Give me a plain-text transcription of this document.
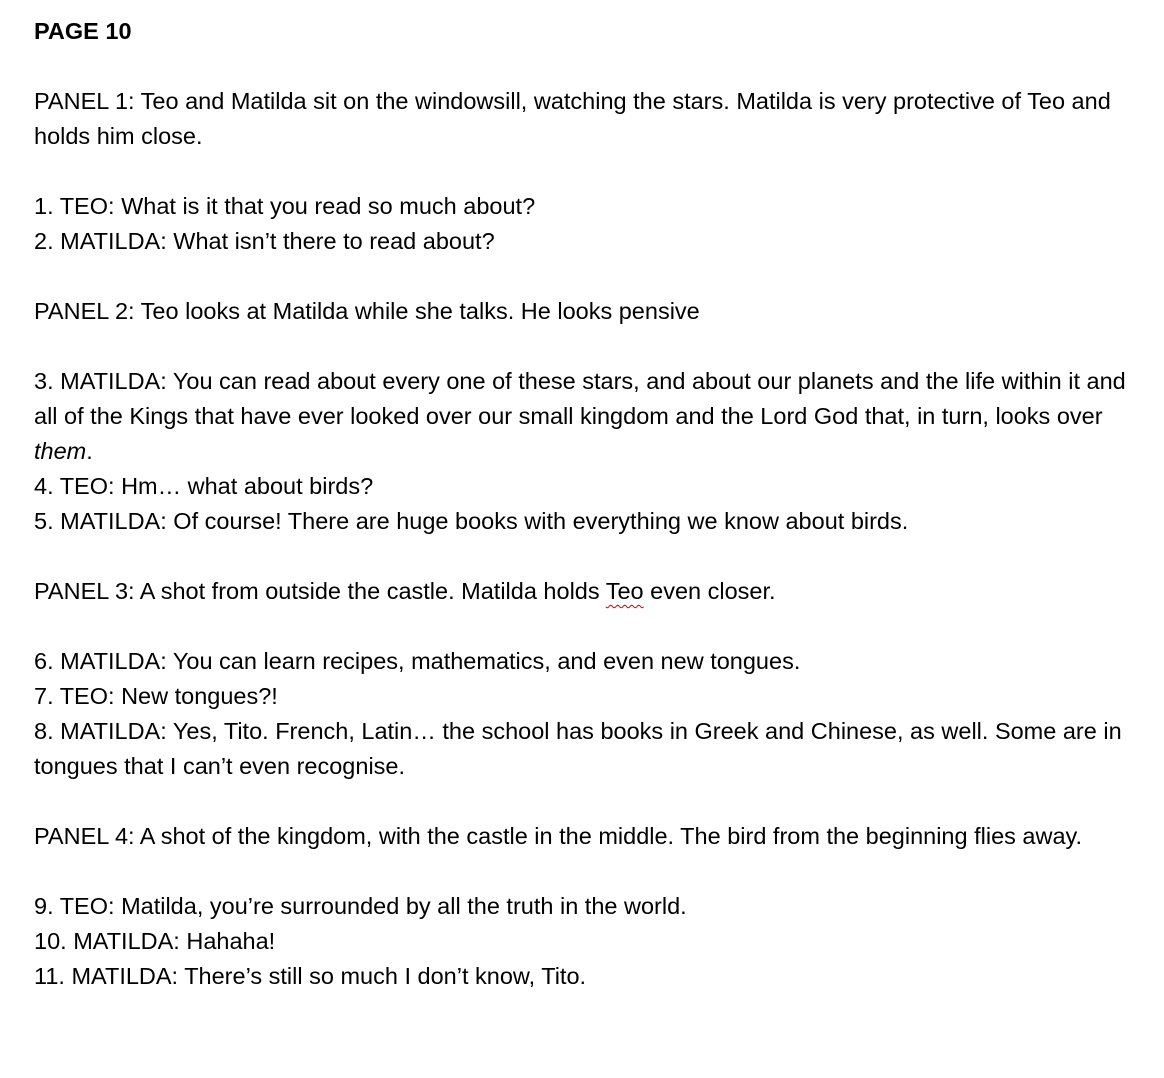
PAGE 10

PANEL 1: Teo and Matilda sit on the windowsill, watching the stars. Matilda is very protective of Teo and holds him close.

1. TEO: What is it that you read so much about?
2. MATILDA: What isn’t there to read about?

PANEL 2: Teo looks at Matilda while she talks. He looks pensive

3. MATILDA: You can read about every one of these stars, and about our planets and the life within it and all of the Kings that have ever looked over our small kingdom and the Lord God that, in turn, looks over them.

4. TEO: Hm… what about birds?
5. MATILDA: Of course! There are huge books with everything we know about birds.

PANEL 3: A shot from outside the castle. Matilda holds Teo even closer.

6. MATILDA: You can learn recipes, mathematics, and even new tongues.
7. TEO: New tongues?!

8. MATILDA: Yes, Tito. French, Latin… the school has books in Greek and Chinese, as well. Some are in tongues that I can’t even recognise.

PANEL 4: A shot of the kingdom, with the castle in the middle. The bird from the beginning flies away.

9. TEO: Matilda, you’re surrounded by all the truth in the world.
10. MATILDA: Hahaha!
11. MATILDA: There’s still so much I don’t know, Tito.
